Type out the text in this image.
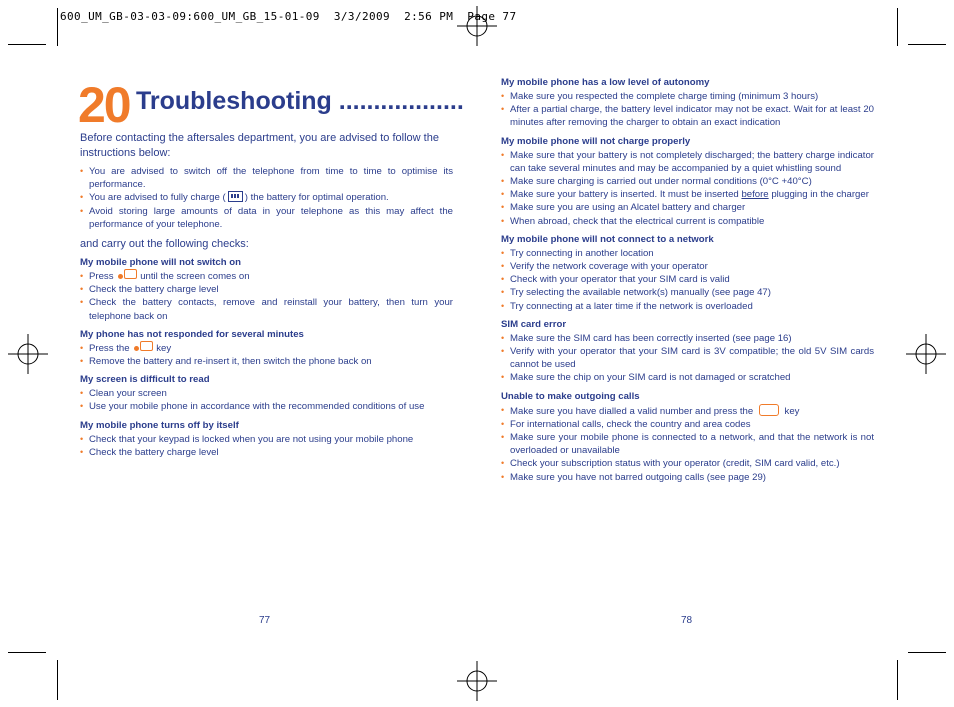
600_UM_GB-03-03-09:600_UM_GB_15-01-09  3/3/2009  2:56 PM  Page 77
20 Troubleshooting ..................

Before contacting the aftersales department, you are advised to follow the instructions below:

• You are advised to switch off the telephone from time to time to optimise its performance.
• You are advised to fully charge ( ) the battery for optimal operation.
• Avoid storing large amounts of data in your telephone as this may affect the performance of your telephone.

and carry out the following checks:

My mobile phone will not switch on
• Press	until the screen comes on
• Check the battery charge level
• Check the battery contacts, remove and reinstall your battery, then turn your telephone back on
My phone has not responded for several minutes
• Press the	key
• Remove the battery and re-insert it, then switch the phone back on
My screen is difficult to read
• Clean your screen
• Use your mobile phone in accordance with the recommended conditions of use
My mobile phone turns off by itself
• Check that your keypad is locked when you are not using your mobile phone
• Check the battery charge level
My mobile phone has a low level of autonomy
• Make sure you respected the complete charge timing (minimum 3 hours)
• After a partial charge, the battery level indicator may not be exact. Wait for at least 20 minutes after removing the charger to obtain an exact indication
My mobile phone will not charge properly
• Make sure that your battery is not completely discharged; the battery charge indicator can take several minutes and may be accompanied by a quiet whistling sound
• Make sure charging is carried out under normal conditions (0°C +40°C)
• Make sure your battery is inserted. It must be inserted before plugging in the charger
• Make sure you are using an Alcatel battery and charger
• When abroad, check that the electrical current is compatible
My mobile phone will not connect to a network
• Try connecting in another location
• Verify the network coverage with your operator
• Check with your operator that your SIM card is valid
• Try selecting the available network(s) manually (see page 47)
• Try connecting at a later time if the network is overloaded
SIM card error
• Make sure the SIM card has been correctly inserted (see page 16)
• Verify with your operator that your SIM card is 3V compatible; the old 5V SIM cards cannot be used
• Make sure the chip on your SIM card is not damaged or scratched
Unable to make outgoing calls
• Make sure you have dialled a valid number and press the	key
• For international calls, check the country and area codes
• Make sure your mobile phone is connected to a network, and that the network is not overloaded or unavailable
• Check your subscription status with your operator (credit, SIM card valid, etc.)
• Make sure you have not barred outgoing calls (see page 29)
77	78
